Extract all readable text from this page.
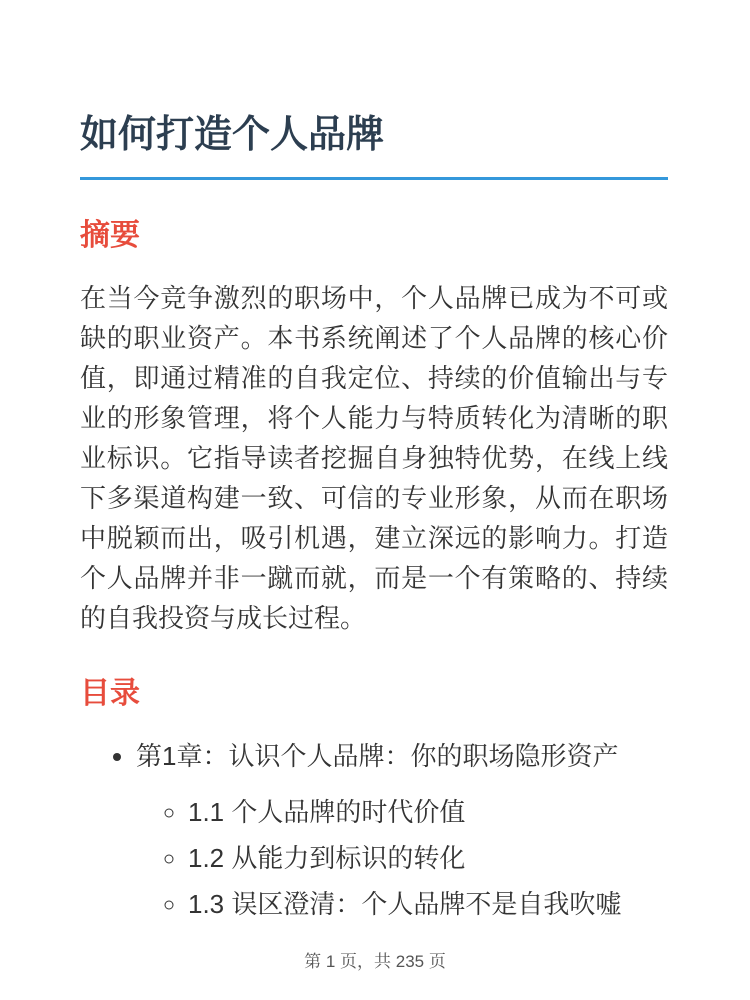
如何打造个人品牌
摘要

在当今竞争激烈的职场中，个人品牌已成为不可或缺的职业资产。本书系统阐述了个人品牌的核心价值，即通过精准的自我定位、持续的价值输出与专业的形象管理，将个人能力与特质转化为清晰的职业标识。它指导读者挖掘自身独特优势，在线上线下多渠道构建一致、可信的专业形象，从而在职场中脱颖而出，吸引机遇，建立深远的影响力。打造个人品牌并非一蹴而就，而是一个有策略的、持续的自我投资与成长过程。

目录
• 第1章：认识个人品牌：你的职场隐形资产
◦ 1.1 个人品牌的时代价值
◦ 1.2 从能力到标识的转化
◦ 1.3 误区澄清：个人品牌不是自我吹嘘
第 1 页，共 235 页
